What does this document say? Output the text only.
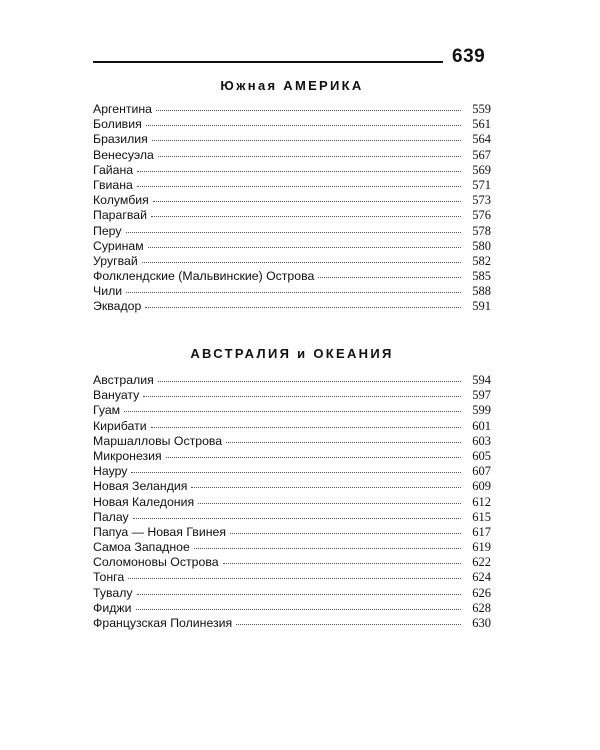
639
Южная АМЕРИКА
Аргентина	559
Боливия	561
Бразилия	564
Венесуэла	567
Гайана	569
Гвиана	571
Колумбия	573
Парагвай	576
Перу	578
Суринам	580
Уругвай	582
Фолклендские (Мальвинские) Острова	585
Чили	588
Эквадор	591
АВСТРАЛИЯ и ОКЕАНИЯ
Австралия	594
Вануату	597
Гуам	599
Кирибати	601
Маршалловы Острова	603
Микронезия	605
Науру	607
Новая Зеландия	609
Новая Каледония	612
Палау	615
Папуа — Новая Гвинея	617
Самоа Западное	619
Соломоновы Острова	622
Тонга	624
Тувалу	626
Фиджи	628
Французская Полинезия	630
